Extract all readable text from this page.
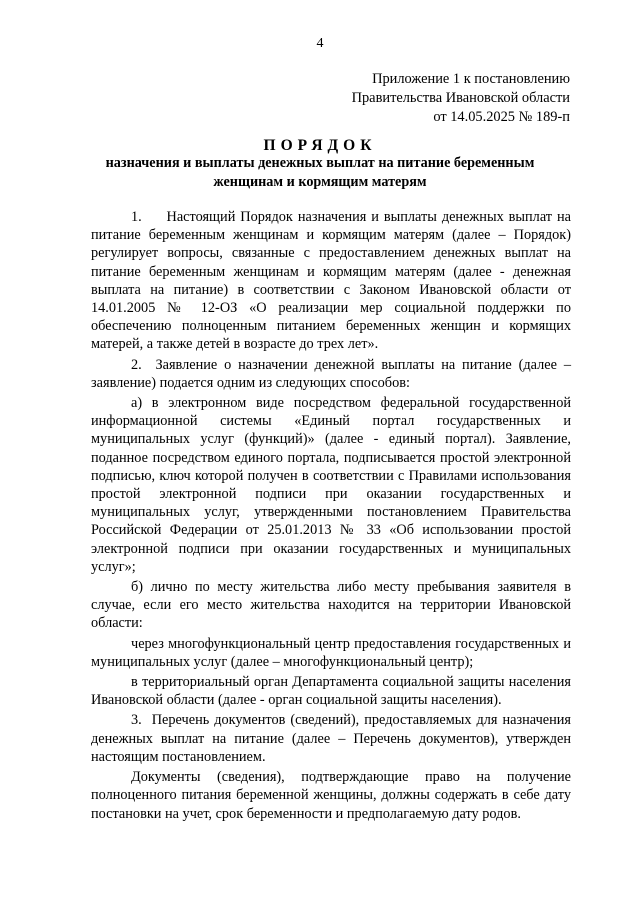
4
Приложение 1 к постановлению
Правительства Ивановской области
от 14.05.2025 № 189-п
ПОРЯДОК
назначения и выплаты денежных выплат на питание беременным женщинам и кормящим матерям

1.     Настоящий Порядок назначения и выплаты денежных выплат на питание беременным женщинам и кормящим матерям (далее – Порядок) регулирует вопросы, связанные с предоставлением денежных выплат на питание беременным женщинам и кормящим матерям (далее - денежная выплата на питание) в соответствии с Законом Ивановской области от 14.01.2005 № 12-ОЗ «О реализации мер социальной поддержки по обеспечению полноценным питанием беременных женщин и кормящих матерей, а также детей в возрасте до трех лет».

2.  Заявление о назначении денежной выплаты на питание (далее – заявление) подается одним из следующих способов:

а) в электронном виде посредством федеральной государственной информационной системы «Единый портал государственных и муниципальных услуг (функций)» (далее - единый портал). Заявление, поданное посредством единого портала, подписывается простой электронной подписью, ключ которой получен в соответствии с Правилами использования простой электронной подписи при оказании государственных и муниципальных услуг, утвержденными постановлением Правительства Российской Федерации от 25.01.2013 № 33 «Об использовании простой электронной подписи при оказании государственных и муниципальных услуг»;

б) лично по месту жительства либо месту пребывания заявителя в случае, если его место жительства находится на территории Ивановской области:

через многофункциональный центр предоставления государственных и муниципальных услуг (далее – многофункциональный центр);

в территориальный орган Департамента социальной защиты населения Ивановской области (далее - орган социальной защиты населения).

3.  Перечень документов (сведений), предоставляемых для назначения денежных выплат на питание (далее – Перечень документов), утвержден настоящим постановлением.

Документы (сведения), подтверждающие право на получение полноценного питания беременной женщины, должны содержать в себе дату постановки на учет, срок беременности и предполагаемую дату родов.
